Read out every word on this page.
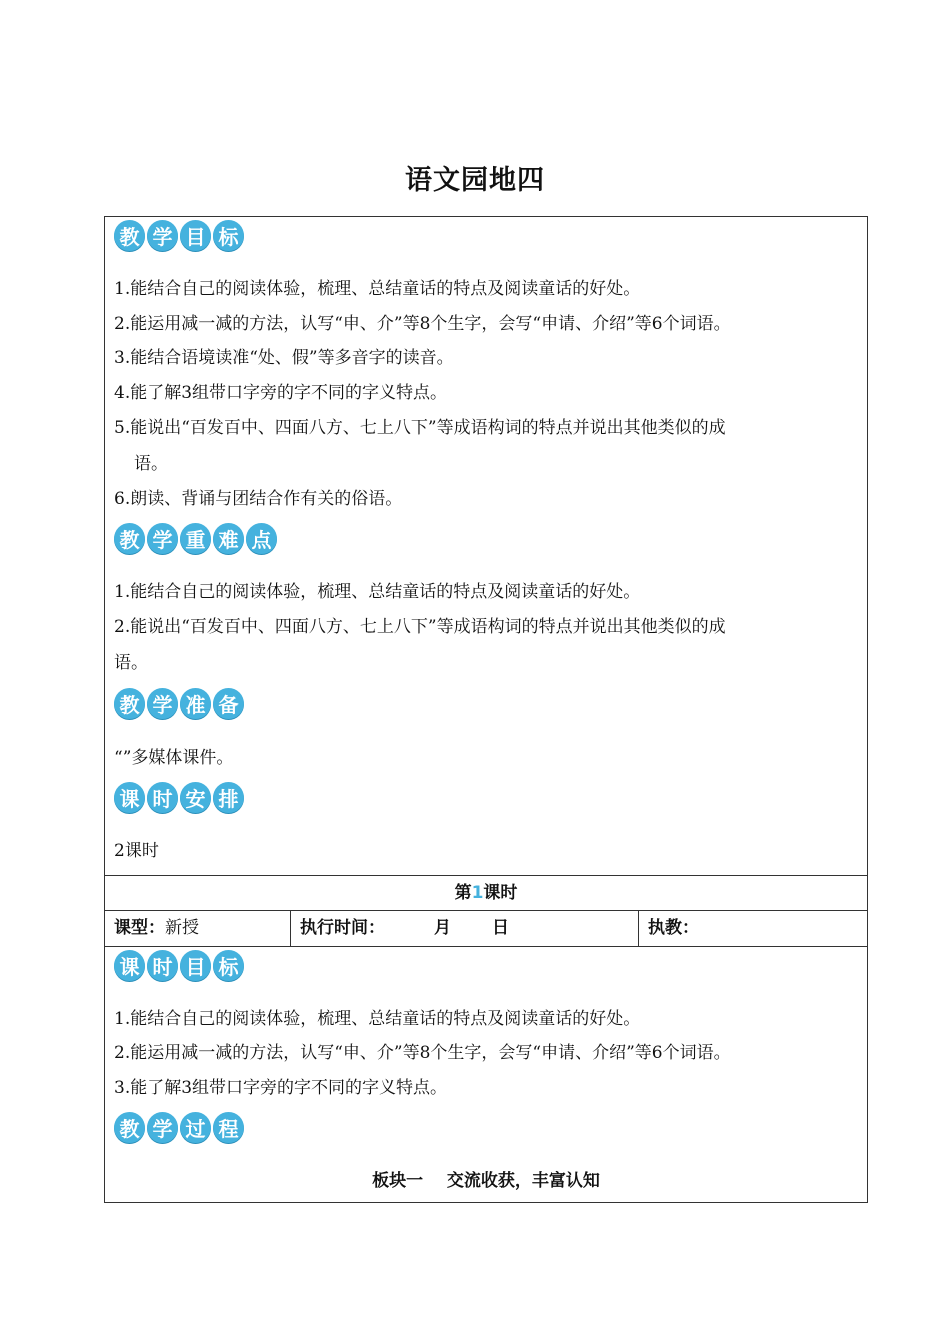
语文园地四
教 学 目 标
1.能结合自己的阅读体验，梳理、总结童话的特点及阅读童话的好处。
2.能运用减一减的方法，认写“申、介”等8个生字，会写“申请、介绍”等6个词语。
3.能结合语境读准“处、假”等多音字的读音。
4.能了解3组带口字旁的字不同的字义特点。
5.能说出“百发百中、四面八方、七上八下”等成语构词的特点并说出其他类似的成
语。
6.朗读、背诵与团结合作有关的俗语。
教 学 重 难 点
1.能结合自己的阅读体验，梳理、总结童话的特点及阅读童话的好处。
2.能说出“百发百中、四面八方、七上八下”等成语构词的特点并说出其他类似的成
语。
教 学 准 备
“”多媒体课件。
课 时 安 排
2课时
第1课时
课型：新授	执行时间：	月 日	执教：
课 时 目 标
1.能结合自己的阅读体验，梳理、总结童话的特点及阅读童话的好处。
2.能运用减一减的方法，认写“申、介”等8个生字，会写“申请、介绍”等6个词语。
3.能了解3组带口字旁的字不同的字义特点。
教 学 过 程
板块一    交流收获，丰富认知
